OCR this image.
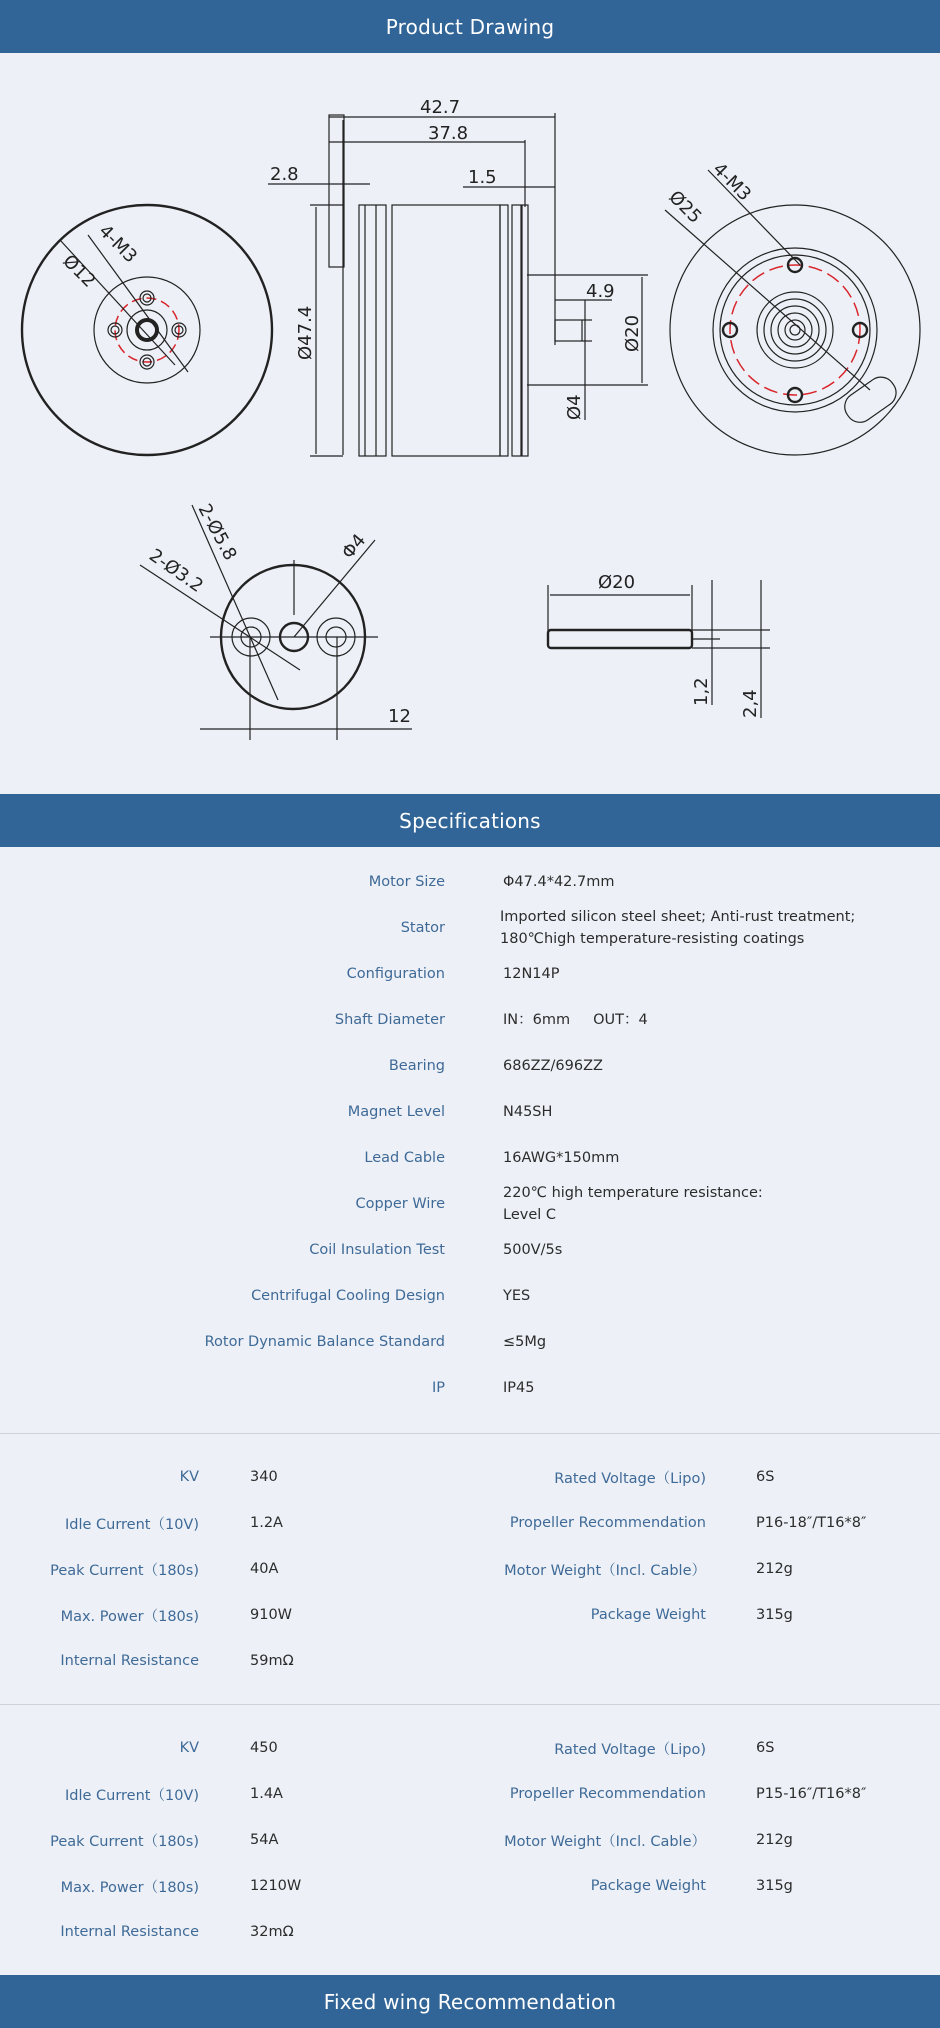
Product Drawing
Ø12
4-M3
Ø47.4
42.7
37.8
2.8	1.5
4.9
Ø20
Ø4
Ø25
4-M3
2-Ø3.2
2-Ø5.8	Φ4
12
Ø20
1,2 2,4
Specifications
Motor Size	Φ47.4*42.7mm
Stator
Imported silicon steel sheet; Anti-rust treatment;
180℃high temperature-resisting coatings
Configuration	12N14P
Shaft Diameter	IN：6mm     OUT：4
Bearing	686ZZ/696ZZ
Magnet Level	N45SH
Lead Cable	16AWG*150mm
Copper Wire
220℃ high temperature resistance:
Level C
Coil Insulation Test	500V/5s
Centrifugal Cooling Design	YES
Rotor Dynamic Balance Standard	≤5Mg
IP	IP45
KV	340
Idle Current（10V)	1.2A
Peak Current（180s)	40A
Max. Power（180s)	910W
Internal Resistance	59mΩ
Rated Voltage（Lipo)	6S
Propeller Recommendation	P16-18″/T16*8″
Motor Weight（Incl. Cable）	212g
Package Weight	315g
KV	450
Idle Current（10V)	1.4A
Peak Current（180s)	54A
Max. Power（180s)	1210W
Internal Resistance	32mΩ
Rated Voltage（Lipo)	6S
Propeller Recommendation	P15-16″/T16*8″
Motor Weight（Incl. Cable）	212g
Package Weight	315g
Fixed wing Recommendation
